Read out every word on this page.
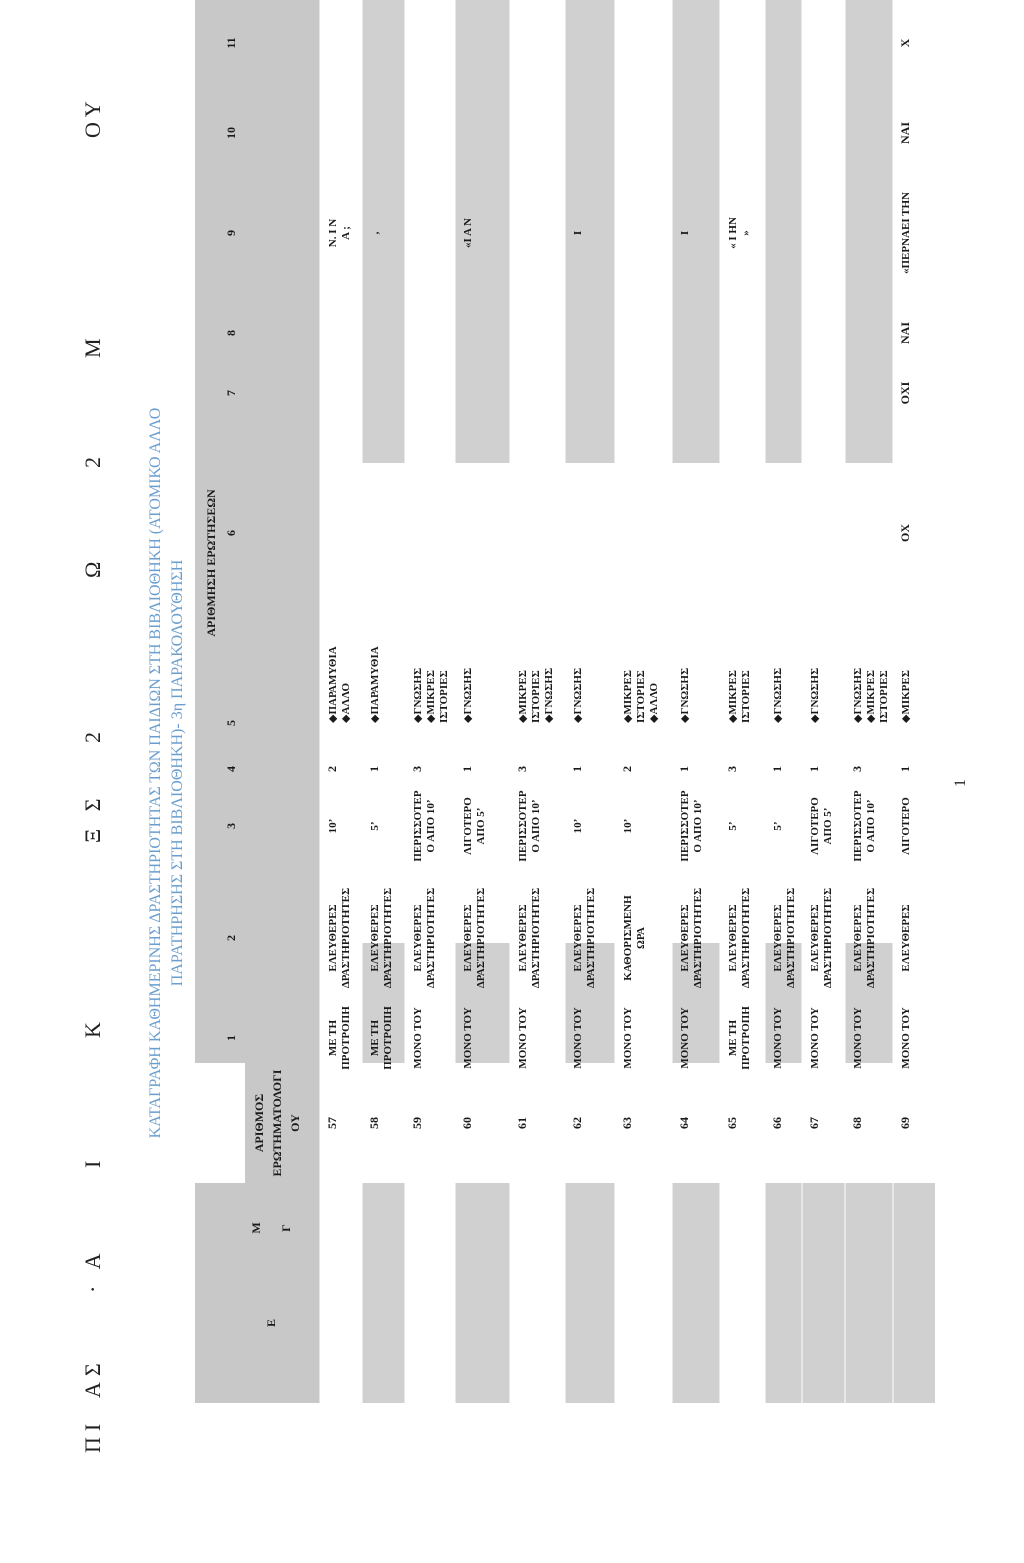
ΠΙ
ΑΣ
· Α
Ι
Κ
Ξ Σ
2
Ω
2
Μ
ΟΥ
ΚΑΤΑΓΡΑΦΗ ΚΑΘΗΜΕΡΙΝΗΣ ΔΡΑΣΤΗΡΙΟΤΗΤΑΣ ΤΩΝ ΠΑΙΔΙΩΝ ΣΤΗ ΒΙΒΛΙΟΘΗΚΗ (ΑΤΟΜΙΚΟ ΑΛΛΟ ΠΑΡΑΤΗΡΗΣΗΣ ΣΤΗ ΒΙΒΛΙΟΘΗΚΗ)- 3η ΠΑΡΑΚΟΛΟΥΘΗΣΗ
Μ Γ
Ε
ΑΡΙΘΜΟΣ ΕΡΩΤΗΜΑΤΟΛΟΓΙ ΟΥ
ΑΡΙΘΜΗΣΗ ΕΡΩΤΗΣΕΩΝ
1
2
3
4
5
6
7
8
9
10
11
57
ΜΕ ΤΗ ΠΡΟΤΡΟΠΗ
ΕΛΕΥΘΕΡΕΣ ΔΡΑΣΤΗΡΙΟΤΗΤΕΣ
10’
2
◆ΠΑΡΑΜΥΘΙΑ ◆ΑΛΛΟ
Ν. Ι Ν Α ;
58
ΜΕ ΤΗ ΠΡΟΤΡΟΠΗ
ΕΛΕΥΘΕΡΕΣ ΔΡΑΣΤΗΡΙΟΤΗΤΕΣ
5’
1
◆ΠΑΡΑΜΥΘΙΑ
,
59
ΜΟΝΟ ΤΟΥ
ΕΛΕΥΘΕΡΕΣ ΔΡΑΣΤΗΡΙΟΤΗΤΕΣ
ΠΕΡΙΣΣΟΤΕΡ Ο ΑΠΟ 10’
3
◆ΓΝΩΣΗΣ ◆ΜΙΚΡΕΣ ΙΣΤΟΡΙΕΣ
60
ΜΟΝΟ ΤΟΥ
ΕΛΕΥΘΕΡΕΣ ΔΡΑΣΤΗΡΙΟΤΗΤΕΣ
ΛΙΓΟΤΕΡΟ ΑΠΟ 5’
1
◆ΓΝΩΣΗΣ
«Ι Α Ν
61
ΜΟΝΟ ΤΟΥ
ΕΛΕΥΘΕΡΕΣ ΔΡΑΣΤΗΡΙΟΤΗΤΕΣ
ΠΕΡΙΣΣΟΤΕΡ Ο ΑΠΟ 10’
3
◆ΜΙΚΡΕΣ ΙΣΤΟΡΙΕΣ ◆ΓΝΩΣΗΣ
62
ΜΟΝΟ ΤΟΥ
ΕΛΕΥΘΕΡΕΣ ΔΡΑΣΤΗΡΙΟΤΗΤΕΣ
10’
1
◆ΓΝΩΣΗΣ
Ι
63
ΜΟΝΟ ΤΟΥ
ΚΑΘΟΡΙΣΜΕΝΗ ΩΡΑ
10’
2
◆ΜΙΚΡΕΣ ΙΣΤΟΡΙΕΣ ◆ΑΛΛΟ
64
ΜΟΝΟ ΤΟΥ
ΕΛΕΥΘΕΡΕΣ ΔΡΑΣΤΗΡΙΟΤΗΤΕΣ
ΠΕΡΙΣΣΟΤΕΡ Ο ΑΠΟ 10’
1
◆ΓΝΩΣΗΣ
Ι
65
ΜΕ ΤΗ ΠΡΟΤΡΟΠΗ
ΕΛΕΥΘΕΡΕΣ ΔΡΑΣΤΗΡΙΟΤΗΤΕΣ
5’
3
◆ΜΙΚΡΕΣ ΙΣΤΟΡΙΕΣ
« Ι ΗΝ »
66
ΜΟΝΟ ΤΟΥ
ΕΛΕΥΘΕΡΕΣ ΔΡΑΣΤΗΡΙΟΤΗΤΕΣ
5’
1
◆ΓΝΩΣΗΣ
67
ΜΟΝΟ ΤΟΥ
ΕΛΕΥΘΕΡΕΣ ΔΡΑΣΤΗΡΙΟΤΗΤΕΣ
ΛΙΓΟΤΕΡΟ ΑΠΟ 5’
1
◆ΓΝΩΣΗΣ
68
ΜΟΝΟ ΤΟΥ
ΕΛΕΥΘΕΡΕΣ ΔΡΑΣΤΗΡΙΟΤΗΤΕΣ
ΠΕΡΙΣΣΟΤΕΡ Ο ΑΠΟ 10’
3
◆ΓΝΩΣΗΣ ◆ΜΙΚΡΕΣ ΙΣΤΟΡΙΕΣ
69
ΜΟΝΟ ΤΟΥ
ΕΛΕΥΘΕΡΕΣ
ΛΙΓΟΤΕΡΟ
1
◆ΜΙΚΡΕΣ
ΟΧ
ΟΧΙ
ΝΑΙ
«ΠΕΡΝΑΕΙ ΤΗΝ
ΝΑΙ
Χ
1
